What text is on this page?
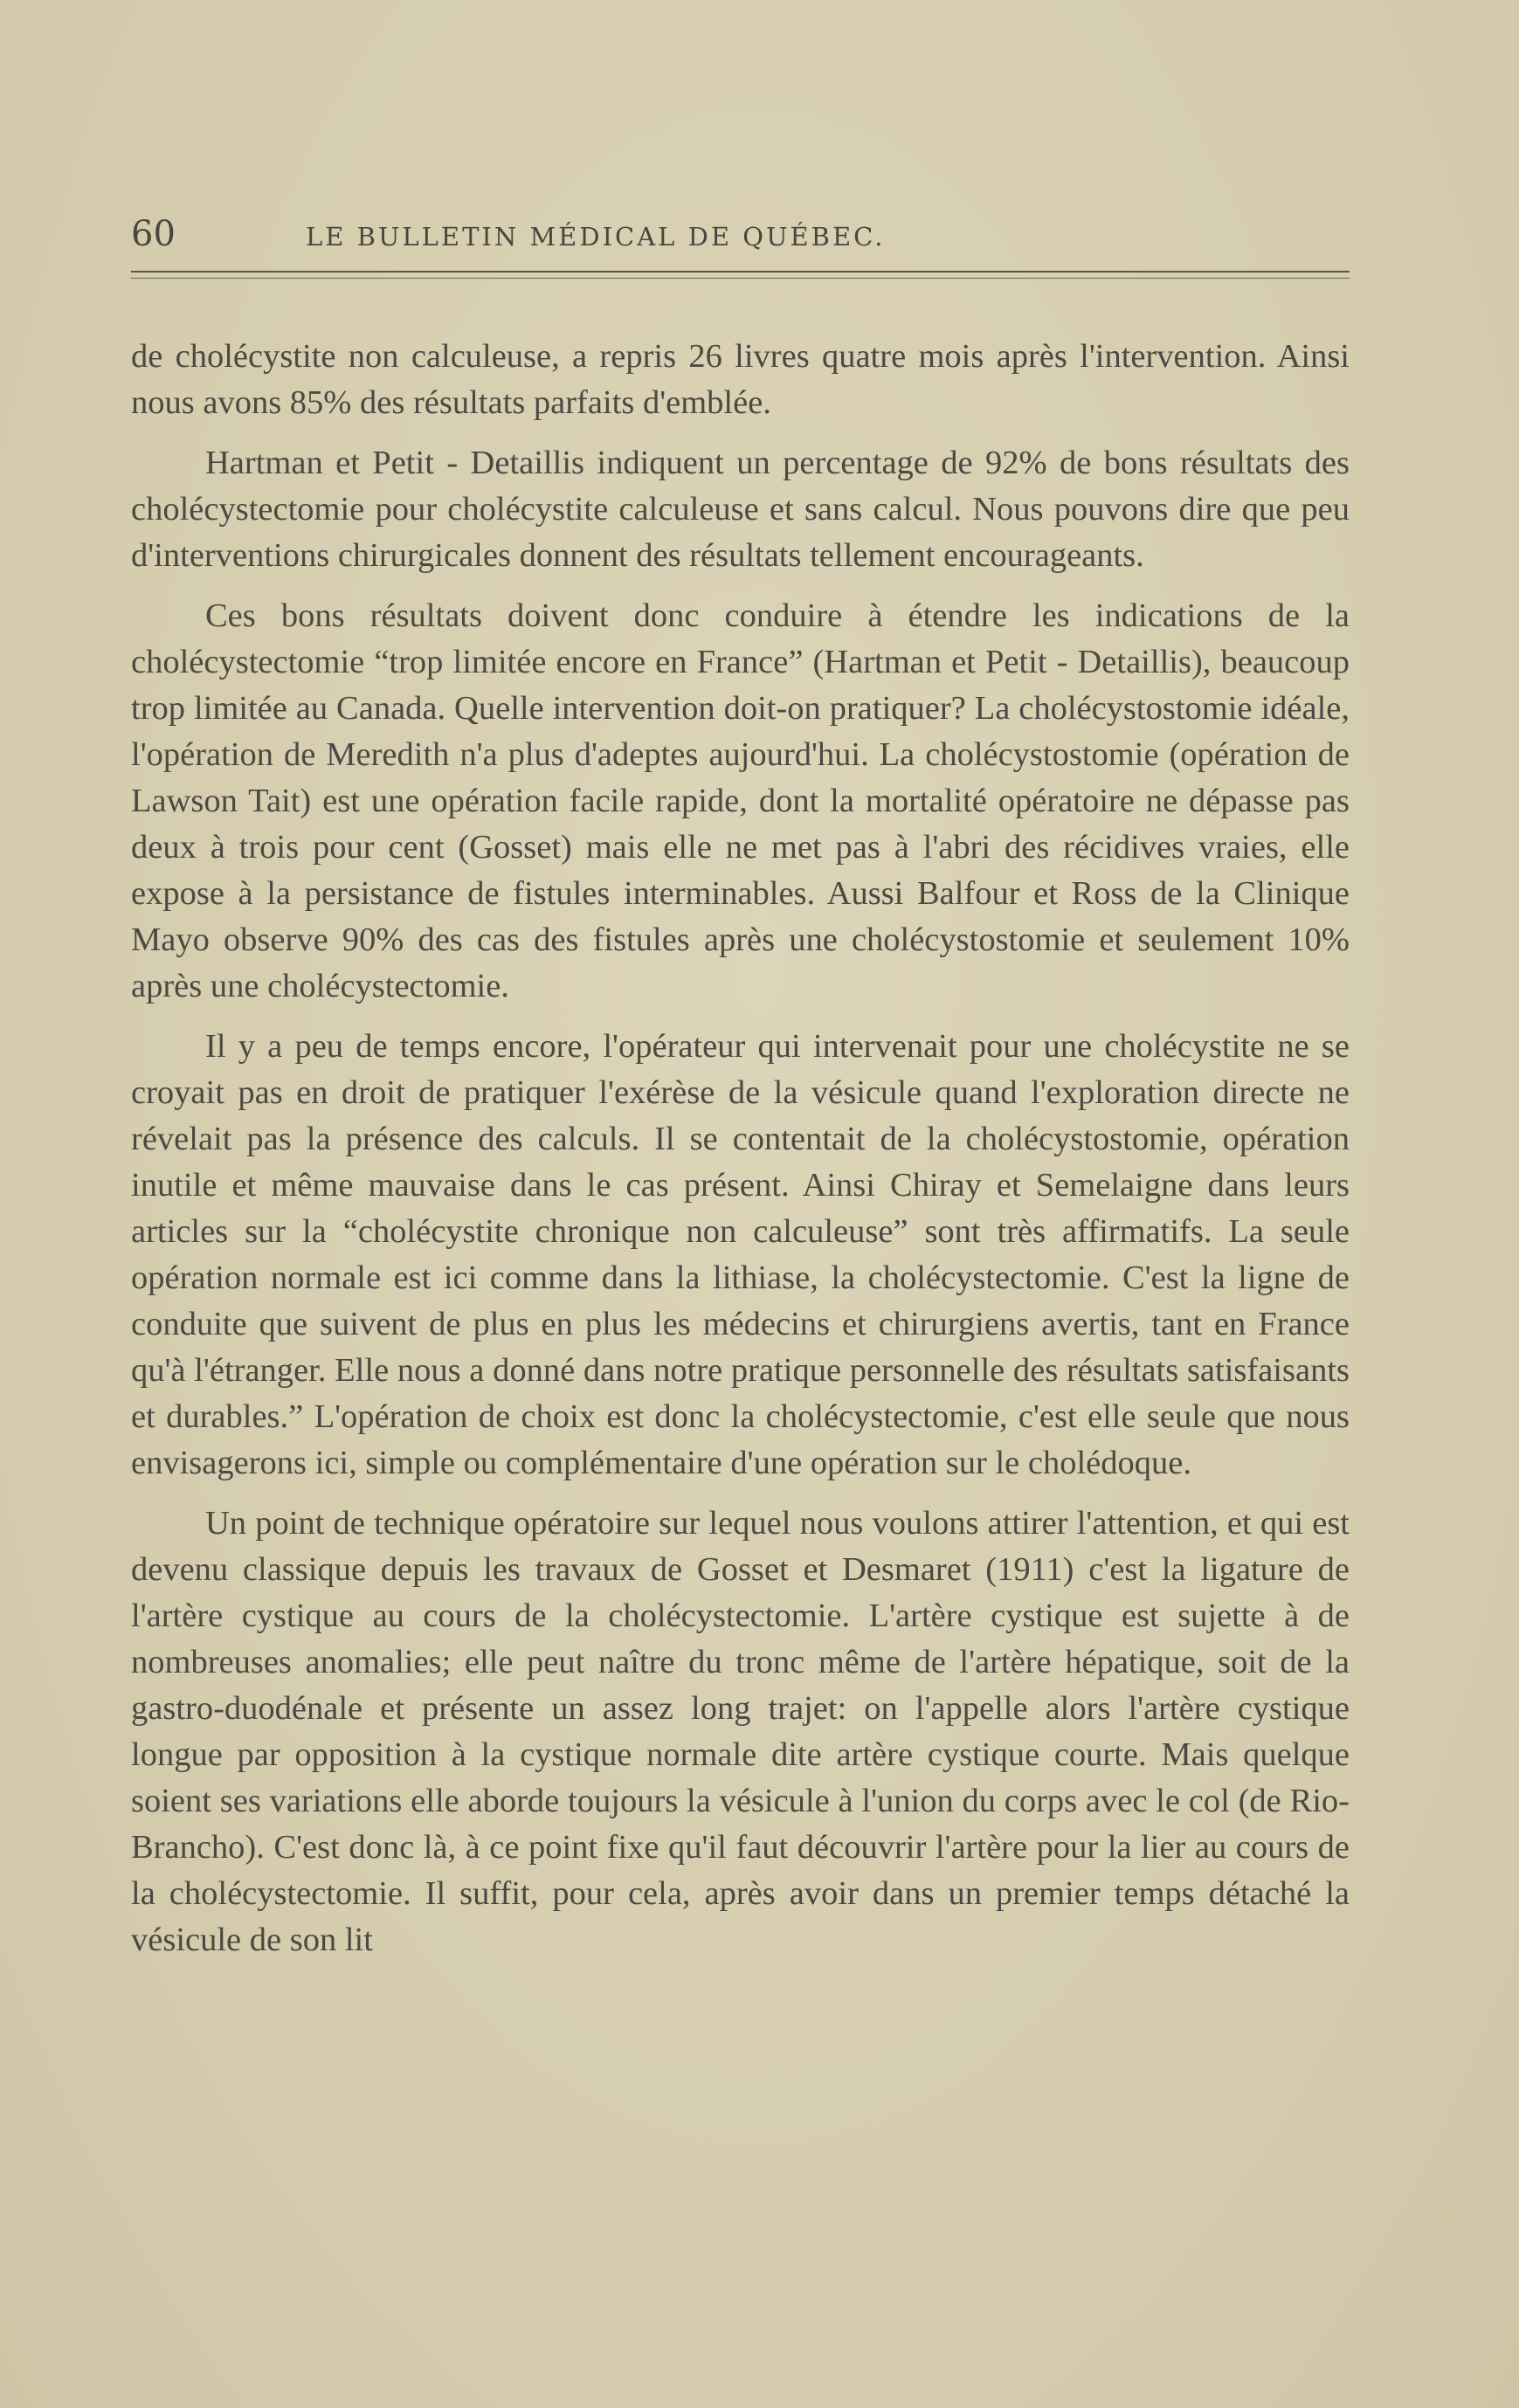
60	LE BULLETIN MÉDICAL DE QUÉBEC.

de cholécystite non calculeuse, a repris 26 livres quatre mois après l'intervention. Ainsi nous avons 85% des résultats parfaits d'emblée.

Hartman et Petit - Detaillis indiquent un percentage de 92% de bons résultats des cholécystectomie pour cholécystite calculeuse et sans calcul. Nous pouvons dire que peu d'interventions chirurgicales donnent des résultats tellement encourageants.

Ces bons résultats doivent donc conduire à étendre les indications de la cholécystectomie “trop limitée encore en France” (Hartman et Petit - Detaillis), beaucoup trop limitée au Canada. Quelle intervention doit-on pratiquer? La cholécystostomie idéale, l'opération de Meredith n'a plus d'adeptes aujourd'hui. La cholécystostomie (opération de Lawson Tait) est une opération facile rapide, dont la mortalité opératoire ne dépasse pas deux à trois pour cent (Gosset) mais elle ne met pas à l'abri des récidives vraies, elle expose à la persistance de fistules interminables. Aussi Balfour et Ross de la Clinique Mayo observe 90% des cas des fistules après une cholécystostomie et seulement 10% après une cholécystectomie.

Il y a peu de temps encore, l'opérateur qui intervenait pour une cholécystite ne se croyait pas en droit de pratiquer l'exérèse de la vésicule quand l'exploration directe ne révelait pas la présence des calculs. Il se contentait de la cholécystostomie, opération inutile et même mauvaise dans le cas présent. Ainsi Chiray et Semelaigne dans leurs articles sur la “cholécystite chronique non calculeuse” sont très affirmatifs. La seule opération normale est ici comme dans la lithiase, la cholécystectomie. C'est la ligne de conduite que suivent de plus en plus les médecins et chirurgiens avertis, tant en France qu'à l'étranger. Elle nous a donné dans notre pratique personnelle des résultats satisfaisants et durables.” L'opération de choix est donc la cholécystectomie, c'est elle seule que nous envisagerons ici, simple ou complémentaire d'une opération sur le cholédoque.

Un point de technique opératoire sur lequel nous voulons attirer l'attention, et qui est devenu classique depuis les travaux de Gosset et Desmaret (1911) c'est la ligature de l'artère cystique au cours de la cholécystectomie. L'artère cystique est sujette à de nombreuses anomalies; elle peut naître du tronc même de l'artère hépatique, soit de la gastro-duodénale et présente un assez long trajet: on l'appelle alors l'artère cystique longue par opposition à la cystique normale dite artère cystique courte. Mais quelque soient ses variations elle aborde toujours la vésicule à l'union du corps avec le col (de Rio-Brancho). C'est donc là, à ce point fixe qu'il faut découvrir l'artère pour la lier au cours de la cholécystectomie. Il suffit, pour cela, après avoir dans un premier temps détaché la vésicule de son lit
